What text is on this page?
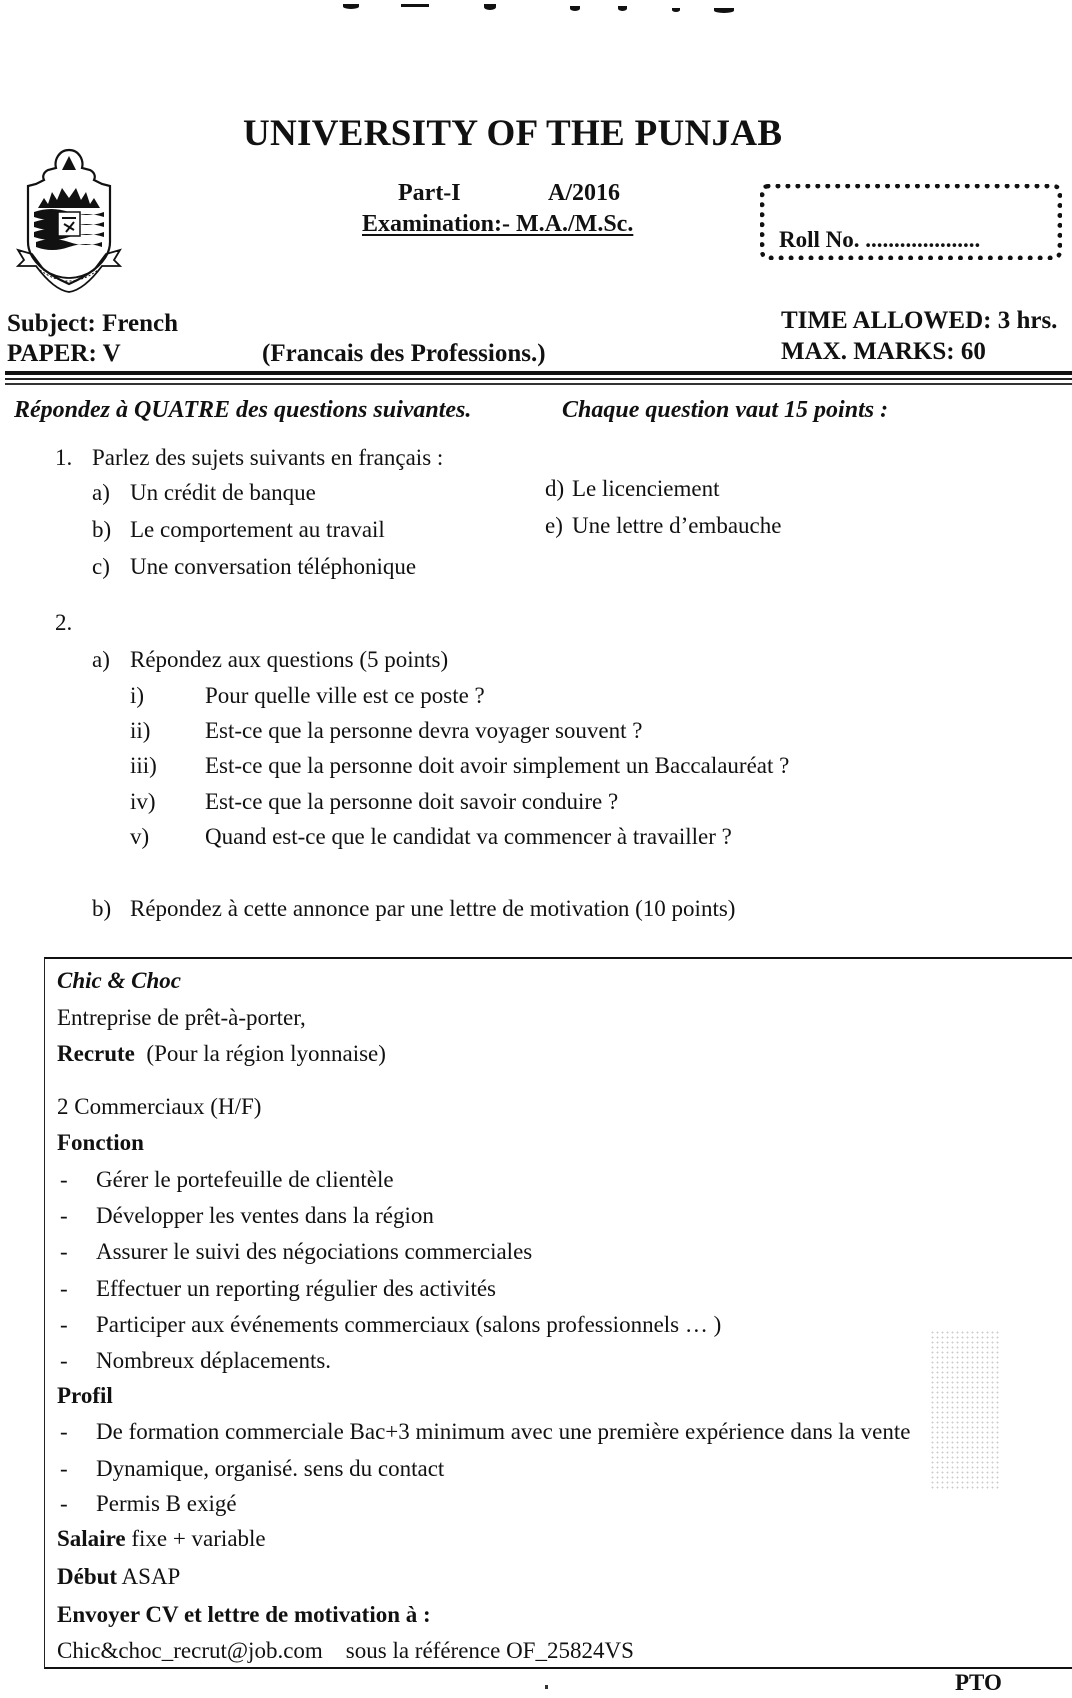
UNIVERSITY OF THE PUNJAB
Part-I	A/2016
Examination:- M.A./M.Sc.
Roll No. ....................
Subject: French
PAPER: V	(Francais des Professions.)
TIME ALLOWED: 3 hrs.
MAX. MARKS: 60
Répondez à QUATRE des questions suivantes.	Chaque question vaut 15 points :
1. Parlez des sujets suivants en français :
a) Un crédit de banque
b) Le comportement au travail
c) Une conversation téléphonique
d) Le licenciement
e) Une lettre d’embauche
2.
a) Répondez aux questions (5 points)
i)	Pour quelle ville est ce poste ?
ii) Est-ce que la personne devra voyager souvent ?
iii) Est-ce que la personne doit avoir simplement un Baccalauréat ?
iv) Est-ce que la personne doit savoir conduire ?
v) Quand est-ce que le candidat va commencer à travailler ?
b) Répondez à cette annonce par une lettre de motivation (10 points)
Chic & Choc
Entreprise de prêt-à-porter,
Recrute (Pour la région lyonnaise)
2 Commerciaux (H/F)
Fonction
- Gérer le portefeuille de clientèle
- Développer les ventes dans la région
- Assurer le suivi des négociations commerciales
- Effectuer un reporting régulier des activités
- Participer aux événements commerciaux (salons professionnels … )
- Nombreux déplacements.
Profil
- De formation commerciale Bac+3 minimum avec une première expérience dans la vente
- Dynamique, organisé. sens du contact
- Permis B exigé
Salaire fixe + variable
Début ASAP
Envoyer CV et lettre de motivation à :
Chic&choc_recrut@job.com sous la référence OF_25824VS
PTO
